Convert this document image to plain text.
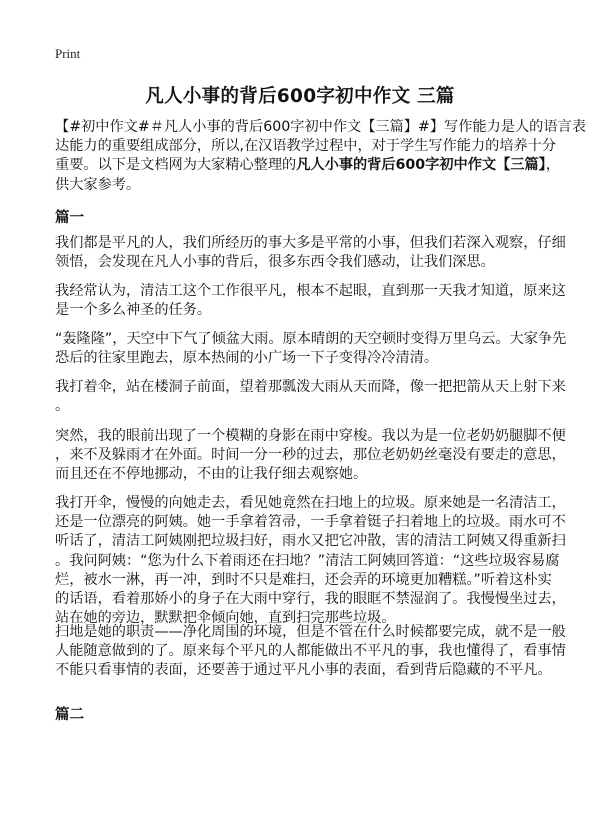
Print
凡人小事的背后600字初中作文 三篇
【#初中作文#＃凡人小事的背后600字初中作文【三篇】#】写作能力是人的语言表
达能力的重要组成部分，所以,在汉语教学过程中，对于学生写作能力的培养十分
重要。以下是文档网为大家精心整理的凡人小事的背后600字初中作文【三篇】，
供大家参考。
篇一
我们都是平凡的人，我们所经历的事大多是平常的小事，但我们若深入观察，仔细
领悟，会发现在凡人小事的背后，很多东西令我们感动，让我们深思。
我经常认为，清洁工这个工作很平凡，根本不起眼，直到那一天我才知道，原来这
是一个多么神圣的任务。
“轰隆隆”，天空中下气了倾盆大雨。原本晴朗的天空顿时变得万里乌云。大家争先
恐后的往家里跑去，原本热闹的小广场一下子变得冷冷清清。
我打着伞，站在楼洞子前面，望着那瓢泼大雨从天而降，像一把把箭从天上射下来
。
突然，我的眼前出现了一个模糊的身影在雨中穿梭。我以为是一位老奶奶腿脚不便
，来不及躲雨才在外面。时间一分一秒的过去，那位老奶奶丝毫没有要走的意思，
而且还在不停地挪动，不由的让我仔细去观察她。
我打开伞，慢慢的向她走去，看见她竟然在扫地上的垃圾。原来她是一名清洁工，
还是一位漂亮的阿姨。她一手拿着笤帚，一手拿着铤子扫着地上的垃圾。雨水可不
听话了，清洁工阿姨刚把垃圾扫好，雨水又把它冲散，害的清洁工阿姨又得重新扫
。我问阿姨：“您为什么下着雨还在扫地？”清洁工阿姨回答道：“这些垃圾容易腐
烂，被水一淋，再一冲，到时不只是难扫，还会弄的环境更加糟糕。”听着这朴实
的话语，看着那娇小的身子在大雨中穿行，我的眼眶不禁湿润了。我慢慢坐过去，
站在她的旁边，默默把伞倾向她，直到扫完那些垃圾。
扫地是她的职责——净化周围的环境，但是不管在什么时候都要完成，就不是一般
人能随意做到的了。原来每个平凡的人都能做出不平凡的事，我也懂得了，看事情
不能只看事情的表面，还要善于通过平凡小事的表面，看到背后隐藏的不平凡。
篇二
